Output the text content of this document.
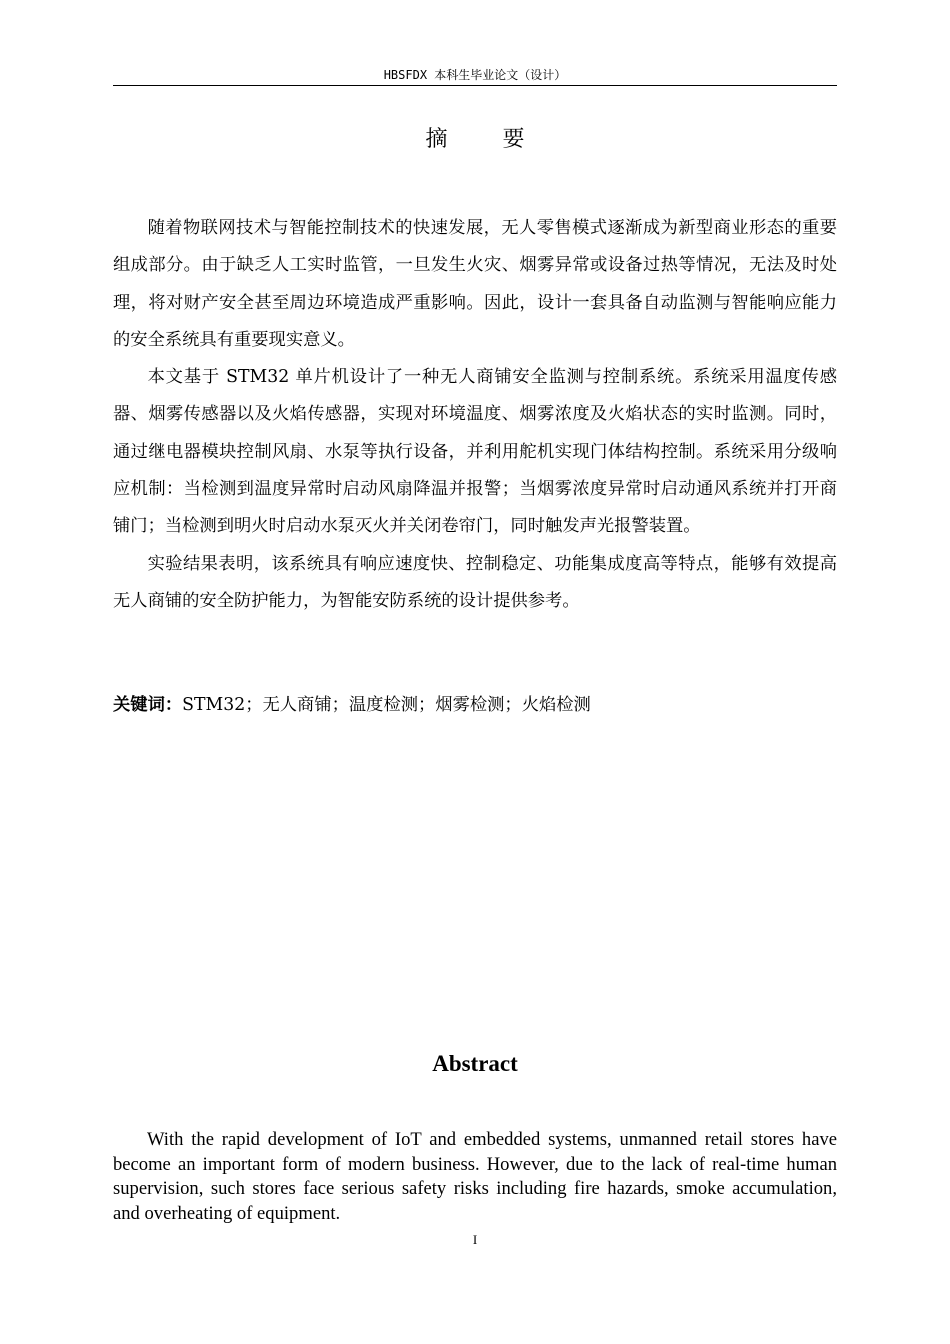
HBSFDX 本科生毕业论文（设计）
摘 要

随着物联网技术与智能控制技术的快速发展，无人零售模式逐渐成为新型商业形态的重要组成部分。由于缺乏人工实时监管，一旦发生火灾、烟雾异常或设备过热等情况，无法及时处理，将对财产安全甚至周边环境造成严重影响。因此，设计一套具备自动监测与智能响应能力的安全系统具有重要现实意义。

本文基于 STM32 单片机设计了一种无人商铺安全监测与控制系统。系统采用温度传感器、烟雾传感器以及火焰传感器，实现对环境温度、烟雾浓度及火焰状态的实时监测。同时，通过继电器模块控制风扇、水泵等执行设备，并利用舵机实现门体结构控制。系统采用分级响应机制：当检测到温度异常时启动风扇降温并报警；当烟雾浓度异常时启动通风系统并打开商铺门；当检测到明火时启动水泵灭火并关闭卷帘门，同时触发声光报警装置。

实验结果表明，该系统具有响应速度快、控制稳定、功能集成度高等特点，能够有效提高无人商铺的安全防护能力，为智能安防系统的设计提供参考。

关键词：STM32；无人商铺；温度检测；烟雾检测；火焰检测
Abstract

With the rapid development of IoT and embedded systems, unmanned retail stores have become an important form of modern business. However, due to the lack of real-time human supervision, such stores face serious safety risks including fire hazards, smoke accumulation, and overheating of equipment.

I
